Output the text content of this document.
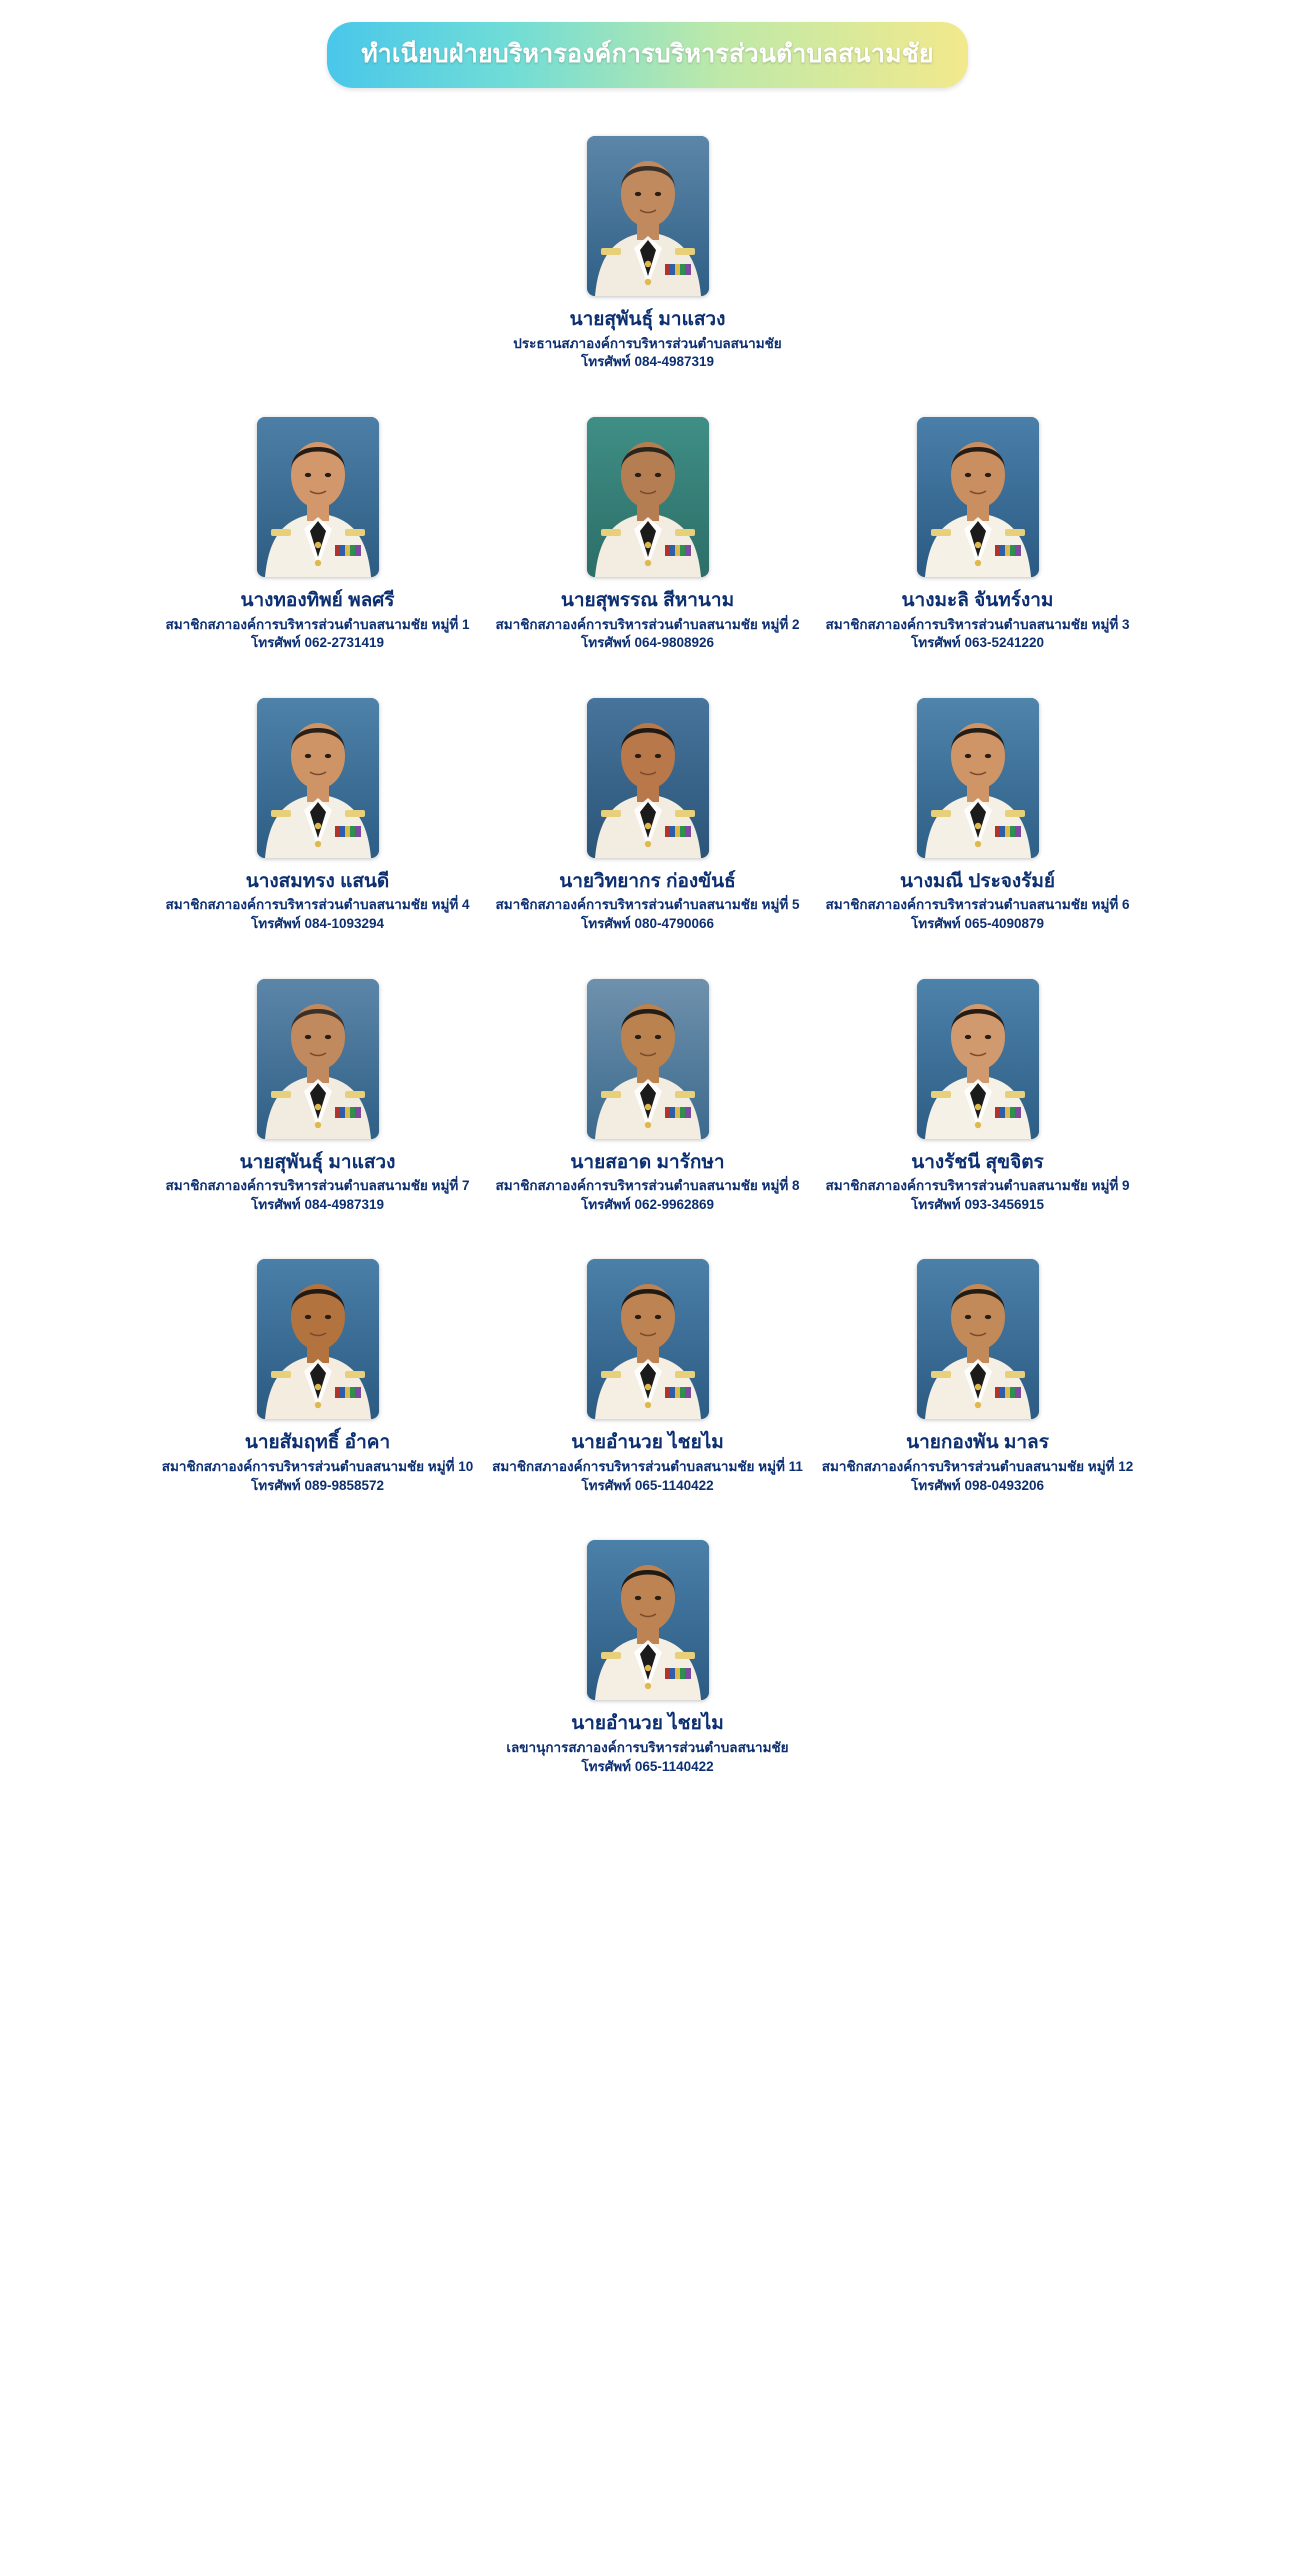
ทำเนียบฝ่ายบริหารองค์การบริหารส่วนตำบลสนามชัย
นายสุพันธุ์ มาแสวง
ประธานสภาองค์การบริหารส่วนตำบลสนามชัย
โทรศัพท์ 084-4987319
นางทองทิพย์ พลศรี
สมาชิกสภาองค์การบริหารส่วนตำบลสนามชัย หมู่ที่ 1
โทรศัพท์ 062-2731419
นายสุพรรณ สีหานาม
สมาชิกสภาองค์การบริหารส่วนตำบลสนามชัย หมู่ที่ 2
โทรศัพท์ 064-9808926
นางมะลิ จันทร์งาม
สมาชิกสภาองค์การบริหารส่วนตำบลสนามชัย หมู่ที่ 3
โทรศัพท์ 063-5241220
นางสมทรง แสนดี
สมาชิกสภาองค์การบริหารส่วนตำบลสนามชัย หมู่ที่ 4
โทรศัพท์ 084-1093294
นายวิทยากร ก่องขันธ์
สมาชิกสภาองค์การบริหารส่วนตำบลสนามชัย หมู่ที่ 5
โทรศัพท์ 080-4790066
นางมณี ประจงรัมย์
สมาชิกสภาองค์การบริหารส่วนตำบลสนามชัย หมู่ที่ 6
โทรศัพท์ 065-4090879
นายสุพันธุ์ มาแสวง
สมาชิกสภาองค์การบริหารส่วนตำบลสนามชัย หมู่ที่ 7
โทรศัพท์ 084-4987319
นายสอาด มารักษา
สมาชิกสภาองค์การบริหารส่วนตำบลสนามชัย หมู่ที่ 8
โทรศัพท์ 062-9962869
นางรัชนี สุขจิตร
สมาชิกสภาองค์การบริหารส่วนตำบลสนามชัย หมู่ที่ 9
โทรศัพท์ 093-3456915
นายสัมฤทธิ์ อำคา
สมาชิกสภาองค์การบริหารส่วนตำบลสนามชัย หมู่ที่ 10
โทรศัพท์ 089-9858572
นายอำนวย ไชยไม
สมาชิกสภาองค์การบริหารส่วนตำบลสนามชัย หมู่ที่ 11
โทรศัพท์ 065-1140422
นายกองพัน มาลร
สมาชิกสภาองค์การบริหารส่วนตำบลสนามชัย หมู่ที่ 12
โทรศัพท์ 098-0493206
นายอำนวย ไชยไม
เลขานุการสภาองค์การบริหารส่วนตำบลสนามชัย
โทรศัพท์ 065-1140422
